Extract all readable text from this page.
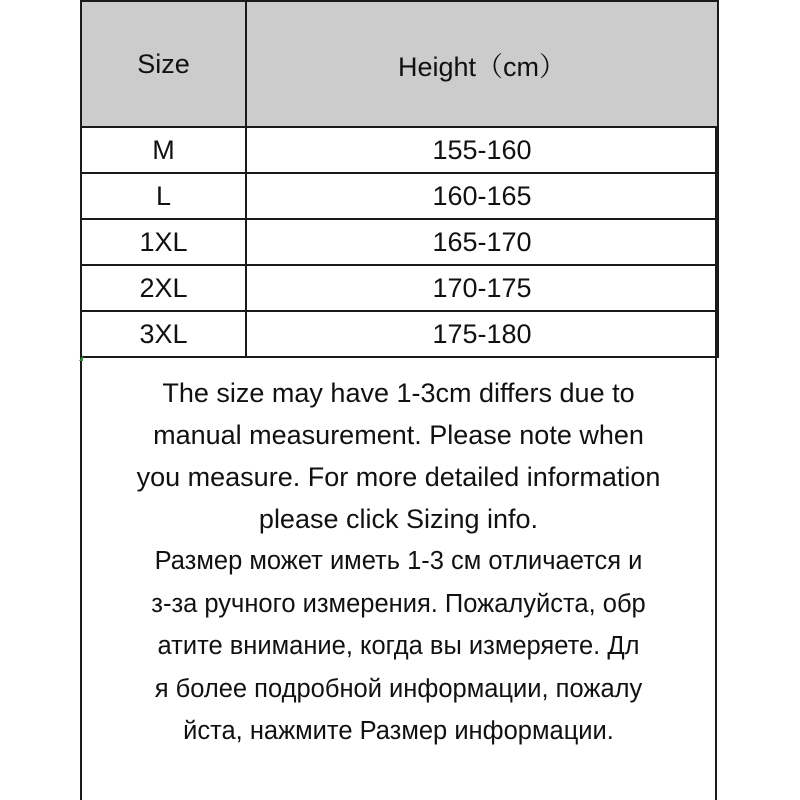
Size	Height（cm）
M	155-160
L	160-165
1XL	165-170
2XL	170-175
3XL	175-180

The size may have 1-3cm differs due to
manual measurement. Please note when
you measure. For more detailed information
please click Sizing info.

Размер может иметь 1-3 см отличается и
з-за ручного измерения. Пожалуйста, обр
атите внимание, когда вы измеряете. Дл
я более подробной информации, пожалу
йста, нажмите Размер информации.
